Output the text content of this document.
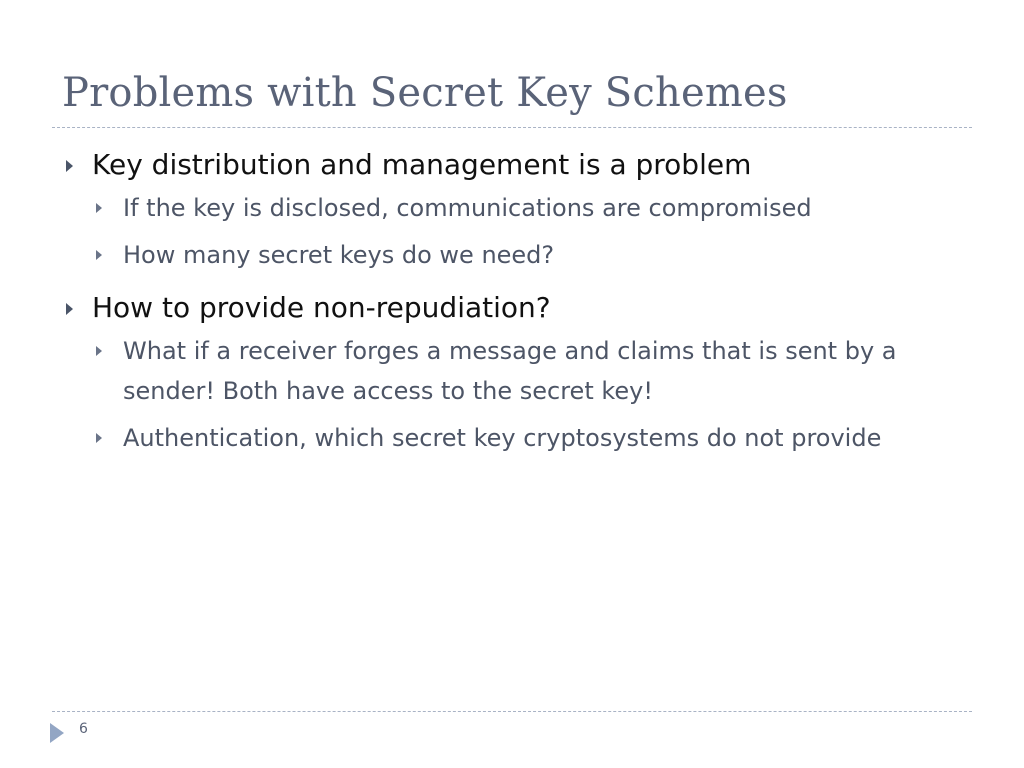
Problems with Secret Key Schemes

Key distribution and management is a problem

If the key is disclosed, communications are compromised

How many secret keys do we need?

How to provide non-repudiation?

What if a receiver forges a message and claims that is sent by a sender! Both have access to the secret key!

Authentication, which secret key cryptosystems do not provide

6
